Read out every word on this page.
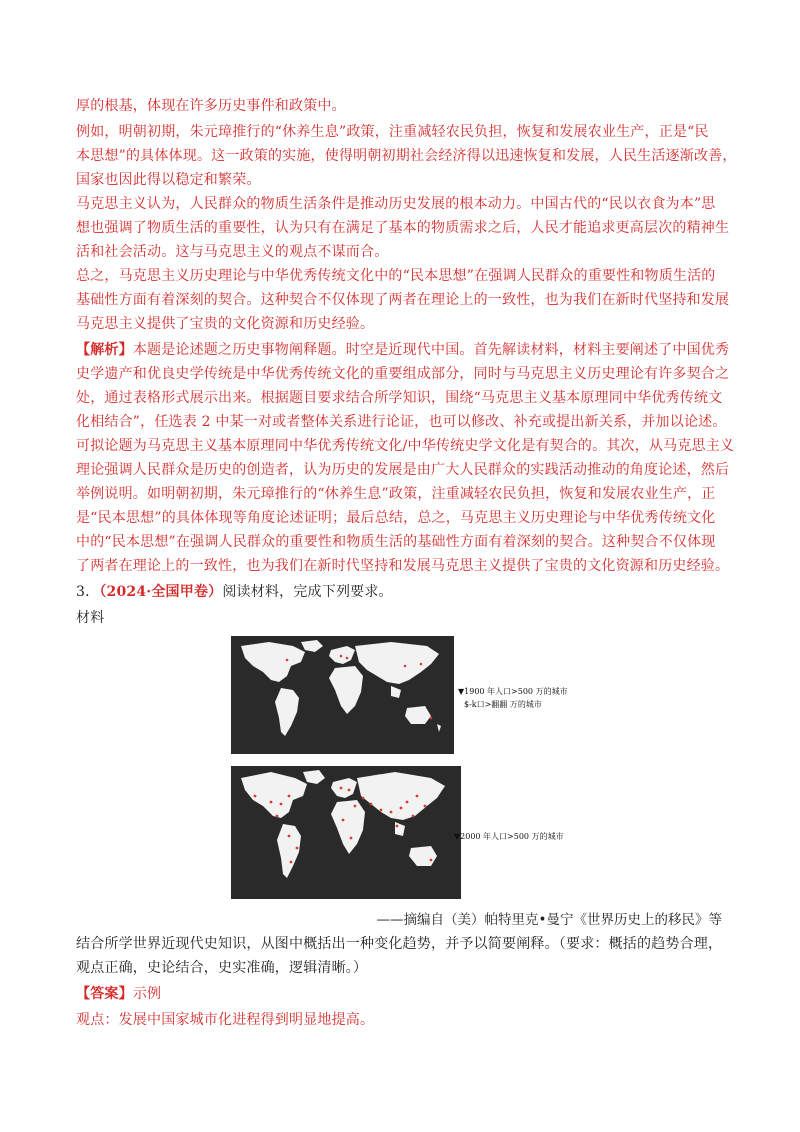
厚的根基，体现在许多历史事件和政策中。
例如，明朝初期，朱元璋推行的“休养生息”政策，注重减轻农民负担，恢复和发展农业生产，正是“民
本思想”的具体体现。这一政策的实施，使得明朝初期社会经济得以迅速恢复和发展，人民生活逐渐改善，
国家也因此得以稳定和繁荣。
马克思主义认为，人民群众的物质生活条件是推动历史发展的根本动力。中国古代的“民以衣食为本”思
想也强调了物质生活的重要性，认为只有在满足了基本的物质需求之后，人民才能追求更高层次的精神生
活和社会活动。这与马克思主义的观点不谋而合。
总之，马克思主义历史理论与中华优秀传统文化中的“民本思想”在强调人民群众的重要性和物质生活的
基础性方面有着深刻的契合。这种契合不仅体现了两者在理论上的一致性，也为我们在新时代坚持和发展
马克思主义提供了宝贵的文化资源和历史经验。
【解析】本题是论述题之历史事物阐释题。时空是近现代中国。首先解读材料，材料主要阐述了中国优秀
史学遗产和优良史学传统是中华优秀传统文化的重要组成部分，同时与马克思主义历史理论有许多契合之
处，通过表格形式展示出来。根据题目要求结合所学知识，围绕“马克思主义基本原理同中华优秀传统文
化相结合”，任选表 2 中某一对或者整体关系进行论证，也可以修改、补充或提出新关系，并加以论述。
可拟论题为马克思主义基本原理同中华优秀传统文化/中华传统史学文化是有契合的。其次，从马克思主义
理论强调人民群众是历史的创造者，认为历史的发展是由广大人民群众的实践活动推动的角度论述，然后
举例说明。如明朝初期，朱元璋推行的“休养生息”政策，注重减轻农民负担，恢复和发展农业生产，正
是“民本思想”的具体体现等角度论述证明；最后总结，总之，马克思主义历史理论与中华优秀传统文化
中的“民本思想”在强调人民群众的重要性和物质生活的基础性方面有着深刻的契合。这种契合不仅体现
了两者在理论上的一致性，也为我们在新时代坚持和发展马克思主义提供了宝贵的文化资源和历史经验。
3．（2024·全国甲卷）阅读材料，完成下列要求。
材料
▼1900 年人口>500 万的城市
$-k口>翻翻 万的城市
▼2000 年人口>500 万的城市
——摘编自（美）帕特里克•曼宁《世界历史上的移民》等
结合所学世界近现代史知识，从图中概括出一种变化趋势，并予以简要阐释。（要求：概括的趋势合理，
观点正确，史论结合，史实准确，逻辑清晰。）
【答案】示例
观点：发展中国家城市化进程得到明显地提高。
